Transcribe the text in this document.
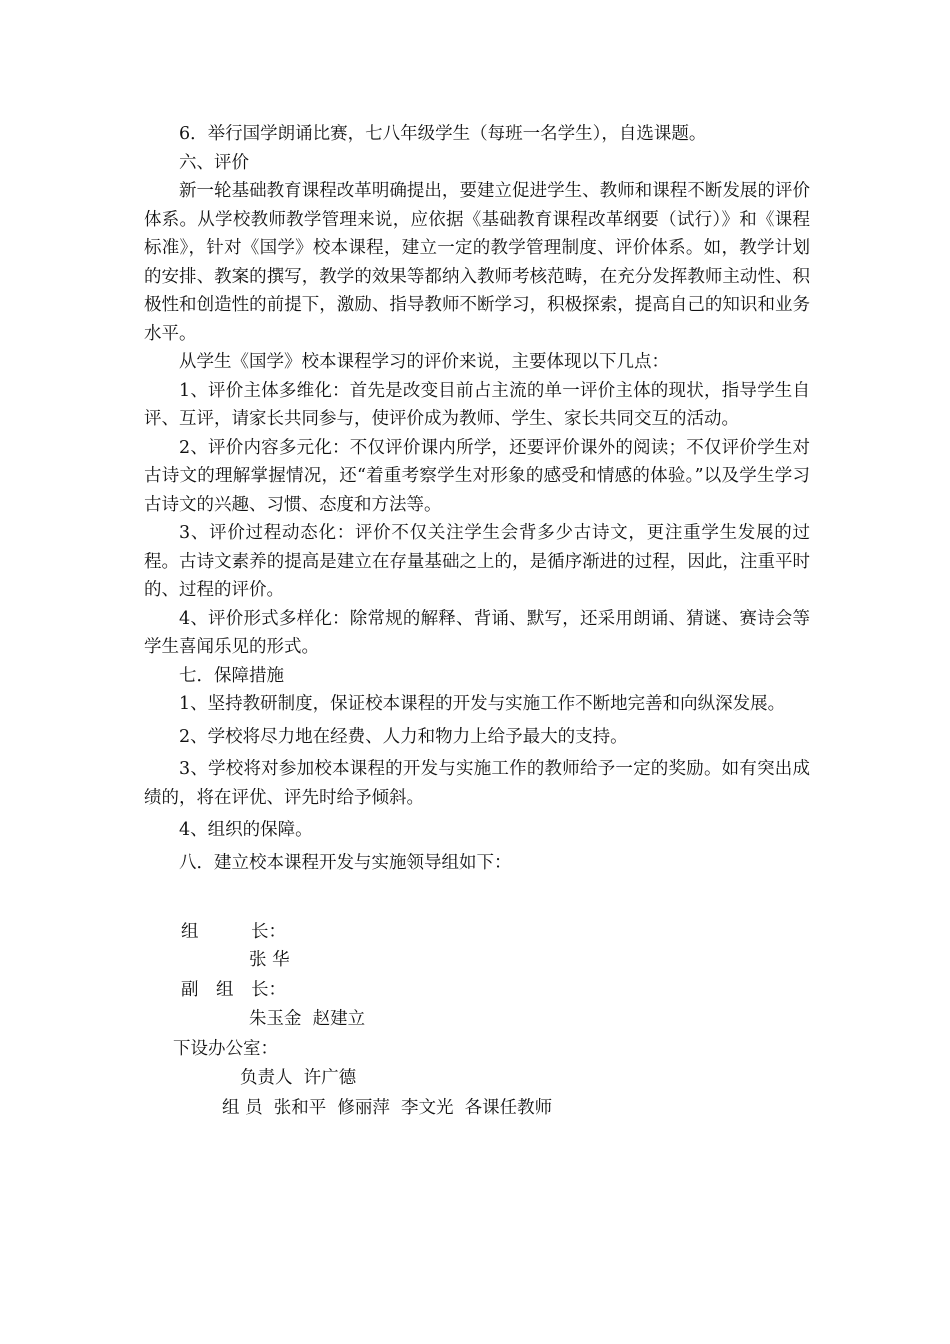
6．举行国学朗诵比赛，七八年级学生（每班一名学生），自选课题。

六、评价

新一轮基础教育课程改革明确提出，要建立促进学生、教师和课程不断发展的评价体系。从学校教师教学管理来说，应依据《基础教育课程改革纲要（试行）》和《课程标准》，针对《国学》校本课程，建立一定的教学管理制度、评价体系。如，教学计划的安排、教案的撰写，教学的效果等都纳入教师考核范畴，在充分发挥教师主动性、积极性和创造性的前提下，激励、指导教师不断学习，积极探索，提高自己的知识和业务水平。

从学生《国学》校本课程学习的评价来说，主要体现以下几点：

1、评价主体多维化：首先是改变目前占主流的单一评价主体的现状，指导学生自评、互评，请家长共同参与，使评价成为教师、学生、家长共同交互的活动。

2、评价内容多元化：不仅评价课内所学，还要评价课外的阅读；不仅评价学生对古诗文的理解掌握情况，还“着重考察学生对形象的感受和情感的体验。”以及学生学习古诗文的兴趣、习惯、态度和方法等。

3、评价过程动态化：评价不仅关注学生会背多少古诗文，更注重学生发展的过程。古诗文素养的提高是建立在存量基础之上的，是循序渐进的过程，因此，注重平时的、过程的评价。

4、评价形式多样化：除常规的解释、背诵、默写，还采用朗诵、猜谜、赛诗会等学生喜闻乐见的形式。

七．保障措施

1、坚持教研制度，保证校本课程的开发与实施工作不断地完善和向纵深发展。

2、学校将尽力地在经费、人力和物力上给予最大的支持。

3、学校将对参加校本课程的开发与实施工作的教师给予一定的奖励。如有突出成绩的，将在评优、评先时给予倾斜。

4、组织的保障。

八．建立校本课程开发与实施领导组如下：

组　　　长：
张 华
副　组　长：
朱玉金  赵建立
下设办公室：
负责人  许广德
组 员  张和平  修丽萍  李文光  各课任教师
